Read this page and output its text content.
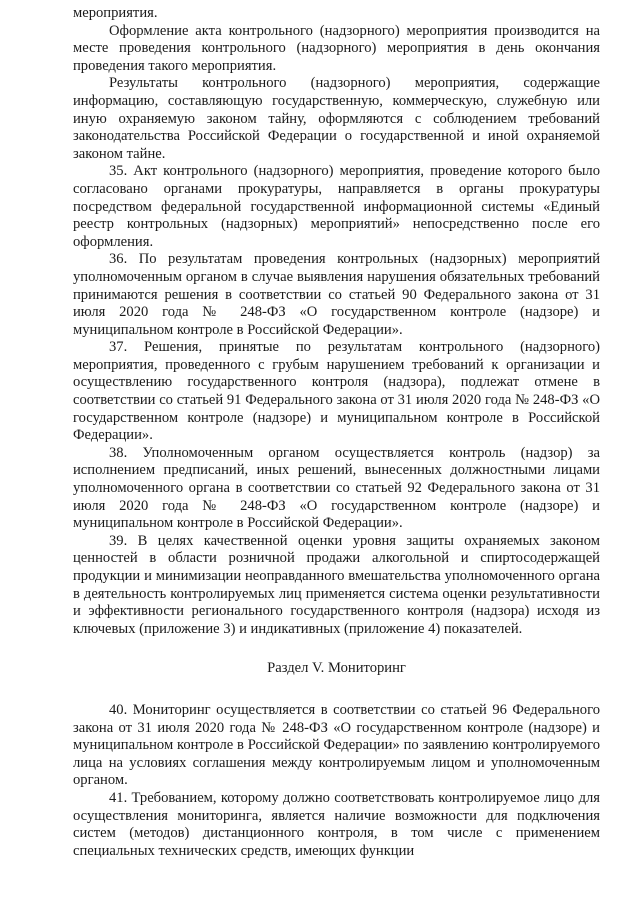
мероприятия.

Оформление акта контрольного (надзорного) мероприятия производится на месте проведения контрольного (надзорного) мероприятия в день окончания проведения такого мероприятия.

Результаты контрольного (надзорного) мероприятия, содержащие информацию, составляющую государственную, коммерческую, служебную или иную охраняемую законом тайну, оформляются с соблюдением требований законодательства Российской Федерации о государственной и иной охраняемой законом тайне.

35. Акт контрольного (надзорного) мероприятия, проведение которого было согласовано органами прокуратуры, направляется в органы прокуратуры посредством федеральной государственной информационной системы «Единый реестр контрольных (надзорных) мероприятий» непосредственно после его оформления.

36. По результатам проведения контрольных (надзорных) мероприятий уполномоченным органом в случае выявления нарушения обязательных требований принимаются решения в соответствии со статьей 90 Федерального закона от 31 июля 2020 года № 248-ФЗ «О государственном контроле (надзоре) и муниципальном контроле в Российской Федерации».

37. Решения, принятые по результатам контрольного (надзорного) мероприятия, проведенного с грубым нарушением требований к организации и осуществлению государственного контроля (надзора), подлежат отмене в соответствии со статьей 91 Федерального закона от 31 июля 2020 года № 248-ФЗ «О государственном контроле (надзоре) и муниципальном контроле в Российской Федерации».

38. Уполномоченным органом осуществляется контроль (надзор) за исполнением предписаний, иных решений, вынесенных должностными лицами уполномоченного органа в соответствии со статьей 92 Федерального закона от 31 июля 2020 года № 248-ФЗ «О государственном контроле (надзоре) и муниципальном контроле в Российской Федерации».

39. В целях качественной оценки уровня защиты охраняемых законом ценностей в области розничной продажи алкогольной и спиртосодержащей продукции и минимизации неоправданного вмешательства уполномоченного органа в деятельность контролируемых лиц применяется система оценки результативности и эффективности регионального государственного контроля (надзора) исходя из ключевых (приложение 3) и индикативных (приложение 4) показателей.

Раздел V. Мониторинг

40. Мониторинг осуществляется в соответствии со статьей 96 Федерального закона от 31 июля 2020 года № 248-ФЗ «О государственном контроле (надзоре) и муниципальном контроле в Российской Федерации» по заявлению контролируемого лица на условиях соглашения между контролируемым лицом и уполномоченным органом.

41. Требованием, которому должно соответствовать контролируемое лицо для осуществления мониторинга, является наличие возможности для подключения систем (методов) дистанционного контроля, в том числе с применением специальных технических средств, имеющих функции
